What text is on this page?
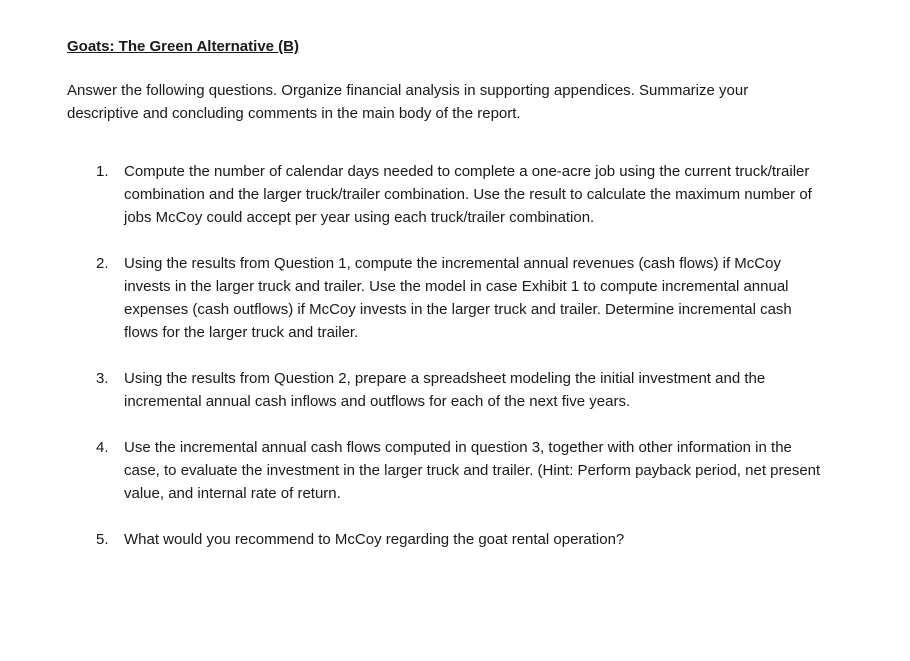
Goats: The Green Alternative (B)

Answer the following questions. Organize financial analysis in supporting appendices. Summarize your descriptive and concluding comments in the main body of the report.

1. Compute the number of calendar days needed to complete a one-acre job using the current truck/trailer combination and the larger truck/trailer combination. Use the result to calculate the maximum number of jobs McCoy could accept per year using each truck/trailer combination.
2. Using the results from Question 1, compute the incremental annual revenues (cash flows) if McCoy invests in the larger truck and trailer. Use the model in case Exhibit 1 to compute incremental annual expenses (cash outflows) if McCoy invests in the larger truck and trailer. Determine incremental cash flows for the larger truck and trailer.
3. Using the results from Question 2, prepare a spreadsheet modeling the initial investment and the incremental annual cash inflows and outflows for each of the next five years.
4. Use the incremental annual cash flows computed in question 3, together with other information in the case, to evaluate the investment in the larger truck and trailer. (Hint: Perform payback period, net present value, and internal rate of return.
5. What would you recommend to McCoy regarding the goat rental operation?
